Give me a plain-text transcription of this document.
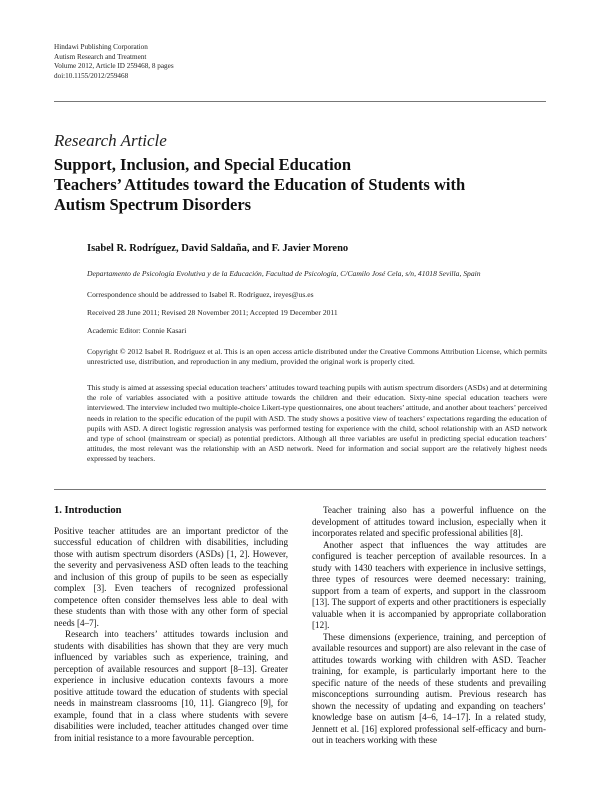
Hindawi Publishing Corporation
Autism Research and Treatment
Volume 2012, Article ID 259468, 8 pages
doi:10.1155/2012/259468
Research Article
Support, Inclusion, and Special Education
Teachers’ Attitudes toward the Education of Students with
Autism Spectrum Disorders
Isabel R. Rodríguez, David Saldaña, and F. Javier Moreno
Departamento de Psicología Evolutiva y de la Educación, Facultad de Psicología, C/Camilo José Cela, s/n, 41018 Sevilla, Spain
Correspondence should be addressed to Isabel R. Rodríguez, ireyes@us.es
Received 28 June 2011; Revised 28 November 2011; Accepted 19 December 2011
Academic Editor: Connie Kasari
Copyright © 2012 Isabel R. Rodríguez et al. This is an open access article distributed under the Creative Commons Attribution License, which permits unrestricted use, distribution, and reproduction in any medium, provided the original work is properly cited.
This study is aimed at assessing special education teachers’ attitudes toward teaching pupils with autism spectrum disorders (ASDs) and at determining the role of variables associated with a positive attitude towards the children and their education. Sixty-nine special education teachers were interviewed. The interview included two multiple-choice Likert-type questionnaires, one about teachers’ attitude, and another about teachers’ perceived needs in relation to the specific education of the pupil with ASD. The study shows a positive view of teachers’ expectations regarding the education of pupils with ASD. A direct logistic regression analysis was performed testing for experience with the child, school relationship with an ASD network and type of school (mainstream or special) as potential predictors. Although all three variables are useful in predicting special education teachers’ attitudes, the most relevant was the relationship with an ASD network. Need for information and social support are the relatively highest needs expressed by teachers.
1. Introduction

Positive teacher attitudes are an important predictor of the successful education of children with disabilities, including those with autism spectrum disorders (ASDs) [1, 2]. However, the severity and pervasiveness ASD often leads to the teaching and inclusion of this group of pupils to be seen as especially complex [3]. Even teachers of recognized professional competence often consider themselves less able to deal with these students than with those with any other form of special needs [4–7].

Research into teachers’ attitudes towards inclusion and students with disabilities has shown that they are very much influenced by variables such as experience, training, and perception of available resources and support [8–13]. Greater experience in inclusive education contexts favours a more positive attitude toward the education of students with special needs in mainstream classrooms [10, 11]. Giangreco [9], for example, found that in a class where students with severe disabilities were included, teacher attitudes changed over time from initial resistance to a more favourable perception.

Teacher training also has a powerful influence on the development of attitudes toward inclusion, especially when it incorporates related and specific professional abilities [8].

Another aspect that influences the way attitudes are configured is teacher perception of available resources. In a study with 1430 teachers with experience in inclusive settings, three types of resources were deemed necessary: training, support from a team of experts, and support in the classroom [13]. The support of experts and other practitioners is especially valuable when it is accompanied by appropriate collaboration [12].

These dimensions (experience, training, and perception of available resources and support) are also relevant in the case of attitudes towards working with children with ASD. Teacher training, for example, is particularly important here to the specific nature of the needs of these students and prevailing misconceptions surrounding autism. Previous research has shown the necessity of updating and expanding on teachers’ knowledge base on autism [4–6, 14–17]. In a related study, Jennett et al. [16] explored professional self-efficacy and burn-out in teachers working with these
